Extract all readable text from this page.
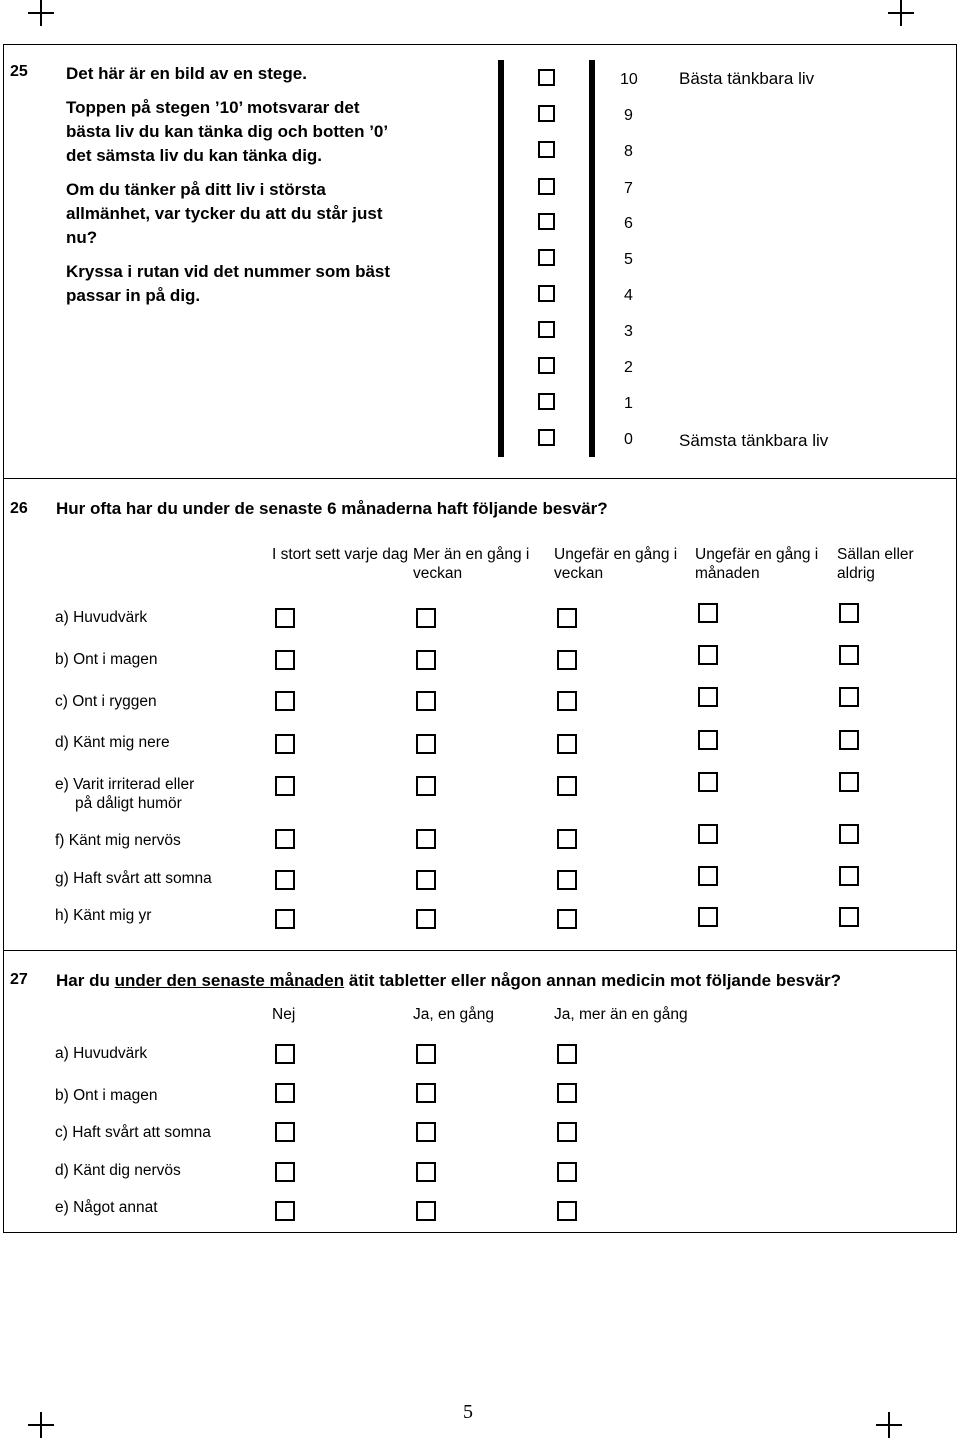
25 Det här är en bild av en stege.

Toppen på stegen ’10’ motsvarar det bästa liv du kan tänka dig och botten ’0’ det sämsta liv du kan tänka dig.

Om du tänker på ditt liv i största allmänhet, var tycker du att du står just nu?

Kryssa i rutan vid det nummer som bäst passar in på dig.

10
9
8
7
6
5
4
3
2
1
0
Bästa tänkbara liv
Sämsta tänkbara liv
26 Hur ofta har du under de senaste 6 månaderna haft följande besvär?
I stort sett varje dag Mer än en gång i veckan
Ungefär en gång i veckan
Ungefär en gång i månaden
Sällan eller aldrig
a) Huvudvärk
b) Ont i magen
c) Ont i ryggen
d) Känt mig nere
e) Varit irriterad eller
på dåligt humör
f) Känt mig nervös
g) Haft svårt att somna
h) Känt mig yr
27 Har du under den senaste månaden ätit tabletter eller någon annan medicin mot följande besvär?
Nej	Ja, en gång	Ja, mer än en gång
a) Huvudvärk
b) Ont i magen
c) Haft svårt att somna
d) Känt dig nervös
e) Något annat
5
